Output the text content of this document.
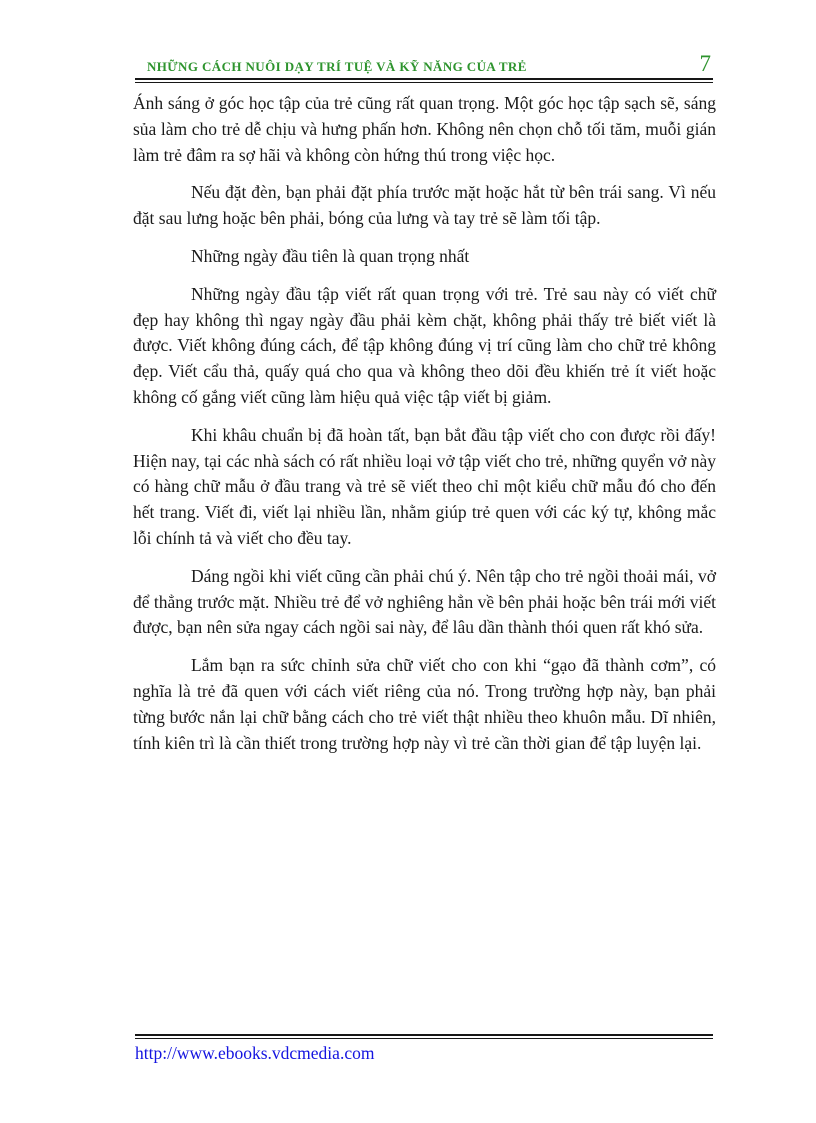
NHỮNG CÁCH NUÔI DẠY TRÍ TUỆ VÀ KỸ NĂNG CỦA TRẺ	7

Ánh sáng ở góc học tập của trẻ cũng rất quan trọng. Một góc học tập sạch sẽ, sáng sủa làm cho trẻ dễ chịu và hưng phấn hơn. Không nên chọn chỗ tối tăm, muỗi gián làm trẻ đâm ra sợ hãi và không còn hứng thú trong việc học.

Nếu đặt đèn, bạn phải đặt phía trước mặt hoặc hắt từ bên trái sang. Vì nếu đặt sau lưng hoặc bên phải, bóng của lưng và tay trẻ sẽ làm tối tập.

Những ngày đầu tiên là quan trọng nhất

Những ngày đầu tập viết rất quan trọng với trẻ. Trẻ sau này có viết chữ đẹp hay không thì ngay ngày đầu phải kèm chặt, không phải thấy trẻ biết viết là được. Viết không đúng cách, để tập không đúng vị trí cũng làm cho chữ trẻ không đẹp. Viết cẩu thả, quấy quá cho qua và không theo dõi đều khiến trẻ ít viết hoặc không cố gắng viết cũng làm hiệu quả việc tập viết bị giảm.

Khi khâu chuẩn bị đã hoàn tất, bạn bắt đầu tập viết cho con được rồi đấy! Hiện nay, tại các nhà sách có rất nhiều loại vở tập viết cho trẻ, những quyển vở này có hàng chữ mẫu ở đầu trang và trẻ sẽ viết theo chỉ một kiểu chữ mẫu đó cho đến hết trang. Viết đi, viết lại nhiều lần, nhằm giúp trẻ quen với các ký tự, không mắc lỗi chính tả và viết cho đều tay.

Dáng ngồi khi viết cũng cần phải chú ý. Nên tập cho trẻ ngồi thoải mái, vở để thẳng trước mặt. Nhiều trẻ để vở nghiêng hẳn về bên phải hoặc bên trái mới viết được, bạn nên sửa ngay cách ngồi sai này, để lâu dần thành thói quen rất khó sửa.

Lắm bạn ra sức chỉnh sửa chữ viết cho con khi “gạo đã thành cơm”, có nghĩa là trẻ đã quen với cách viết riêng của nó. Trong trường hợp này, bạn phải từng bước nắn lại chữ bằng cách cho trẻ viết thật nhiều theo khuôn mẫu. Dĩ nhiên, tính kiên trì là cần thiết trong trường hợp này vì trẻ cần thời gian để tập luyện lại.

http://www.ebooks.vdcmedia.com
